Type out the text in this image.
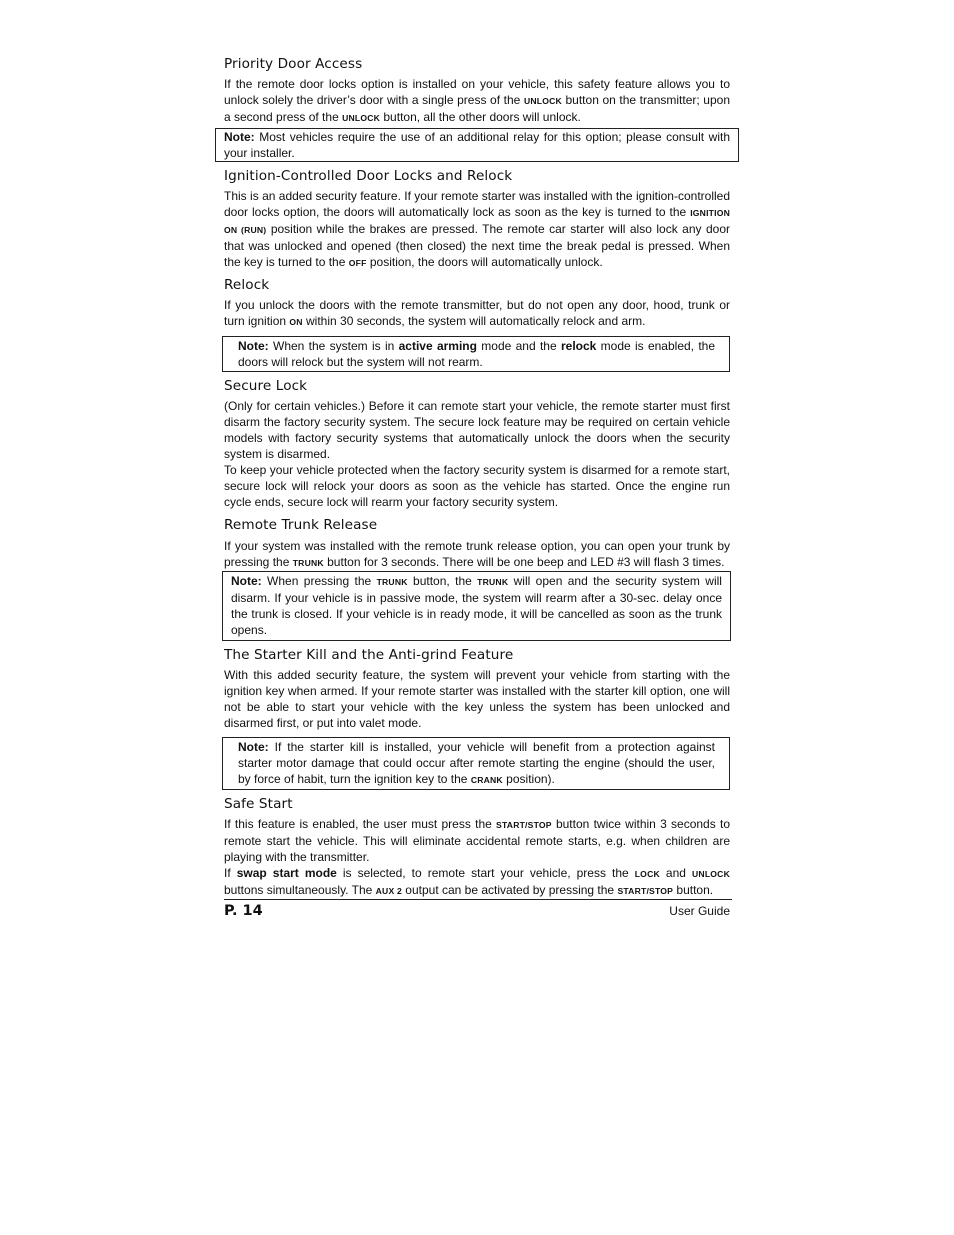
Priority Door Access

If the remote door locks option is installed on your vehicle, this safety feature allows you to unlock solely the driver’s door with a single press of the UNLOCK button on the transmitter; upon a second press of the UNLOCK button, all the other doors will unlock.

Note: Most vehicles require the use of an additional relay for this option; please consult with your installer.
Ignition-Controlled Door Locks and Relock

This is an added security feature. If your remote starter was installed with the ignition-controlled door locks option, the doors will automatically lock as soon as the key is turned to the IGNITION ON (RUN) position while the brakes are pressed. The remote car starter will also lock any door that was unlocked and opened (then closed) the next time the break pedal is pressed. When the key is turned to the OFF position, the doors will automatically unlock.

Relock

If you unlock the doors with the remote transmitter, but do not open any door, hood, trunk or turn ignition ON within 30 seconds, the system will automatically relock and arm.

Note: When the system is in active arming mode and the relock mode is enabled, the doors will relock but the system will not rearm.
Secure Lock

(Only for certain vehicles.) Before it can remote start your vehicle, the remote starter must first disarm the factory security system. The secure lock feature may be required on certain vehicle models with factory security systems that automatically unlock the doors when the security system is disarmed.

To keep your vehicle protected when the factory security system is disarmed for a remote start, secure lock will relock your doors as soon as the vehicle has started. Once the engine run cycle ends, secure lock will rearm your factory security system.

Remote Trunk Release

If your system was installed with the remote trunk release option, you can open your trunk by pressing the TRUNK button for 3 seconds. There will be one beep and LED #3 will flash 3 times.

Note: When pressing the TRUNK button, the TRUNK will open and the security system will disarm. If your vehicle is in passive mode, the system will rearm after a 30-sec. delay once the trunk is closed. If your vehicle is in ready mode, it will be cancelled as soon as the trunk opens.
The Starter Kill and the Anti-grind Feature

With this added security feature, the system will prevent your vehicle from starting with the ignition key when armed. If your remote starter was installed with the starter kill option, one will not be able to start your vehicle with the key unless the system has been unlocked and disarmed first, or put into valet mode.

Note: If the starter kill is installed, your vehicle will benefit from a protection against starter motor damage that could occur after remote starting the engine (should the user, by force of habit, turn the ignition key to the CRANK position).
Safe Start

If this feature is enabled, the user must press the START/STOP button twice within 3 seconds to remote start the vehicle. This will eliminate accidental remote starts, e.g. when children are playing with the transmitter.

If swap start mode is selected, to remote start your vehicle, press the LOCK and UNLOCK buttons simultaneously. The AUX 2 output can be activated by pressing the START/STOP button.

P. 14	User Guide
